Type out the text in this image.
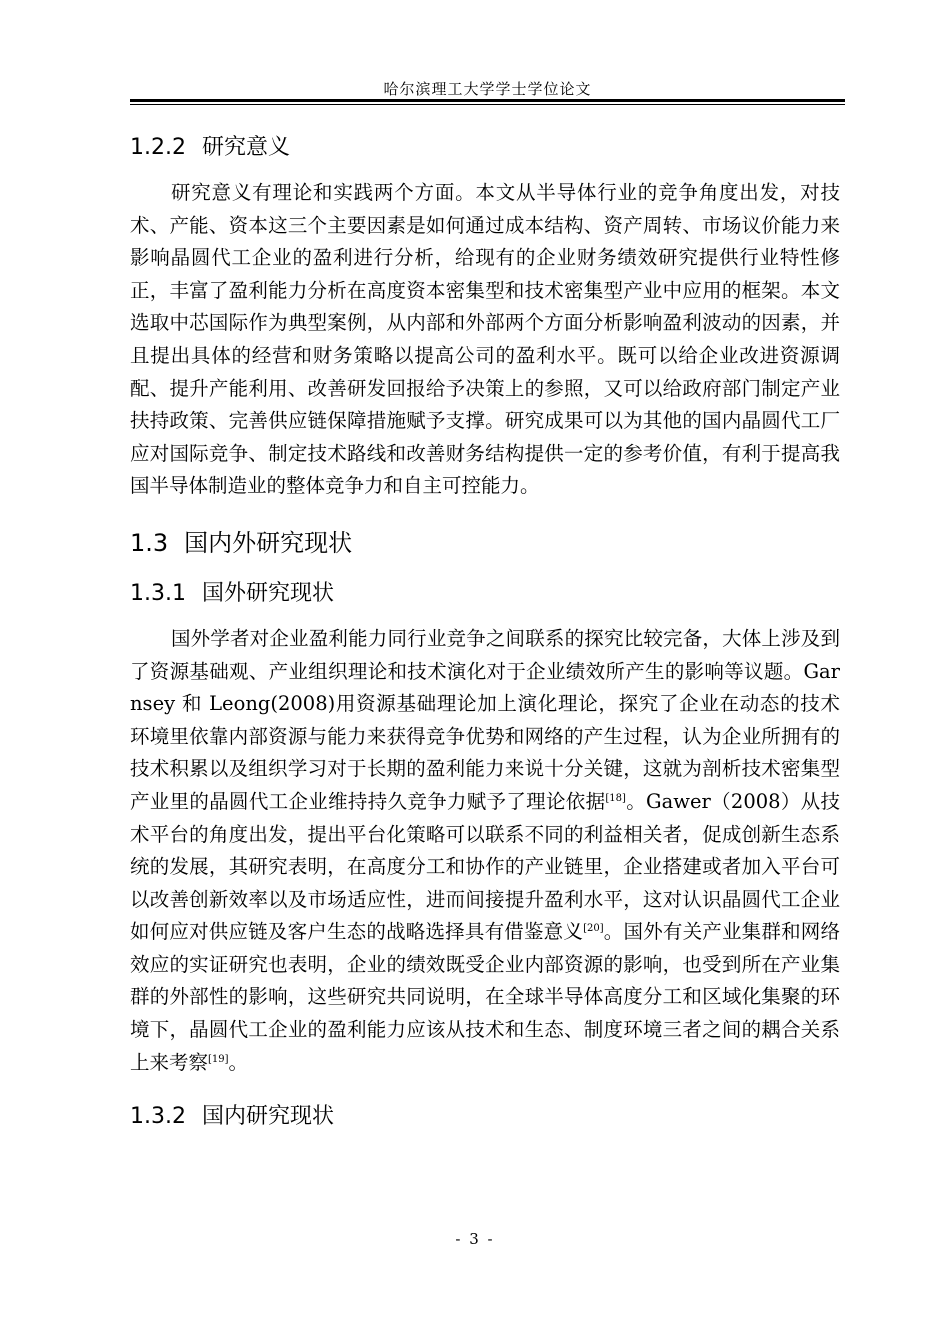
哈尔滨理工大学学士学位论文
1.2.2 研究意义

研究意义有理论和实践两个方面。本文从半导体行业的竞争角度出发，对技术、产能、资本这三个主要因素是如何通过成本结构、资产周转、市场议价能力来影响晶圆代工企业的盈利进行分析，给现有的企业财务绩效研究提供行业特性修正，丰富了盈利能力分析在高度资本密集型和技术密集型产业中应用的框架。本文选取中芯国际作为典型案例，从内部和外部两个方面分析影响盈利波动的因素，并且提出具体的经营和财务策略以提高公司的盈利水平。既可以给企业改进资源调配、提升产能利用、改善研发回报给予决策上的参照，又可以给政府部门制定产业扶持政策、完善供应链保障措施赋予支撑。研究成果可以为其他的国内晶圆代工厂应对国际竞争、制定技术路线和改善财务结构提供一定的参考价值，有利于提高我国半导体制造业的整体竞争力和自主可控能力。

1.3 国内外研究现状
1.3.1 国外研究现状

国外学者对企业盈利能力同行业竞争之间联系的探究比较完备，大体上涉及到了资源基础观、产业组织理论和技术演化对于企业绩效所产生的影响等议题。Garnsey 和 Leong(2008)用资源基础理论加上演化理论，探究了企业在动态的技术环境里依靠内部资源与能力来获得竞争优势和网络的产生过程，认为企业所拥有的技术积累以及组织学习对于长期的盈利能力来说十分关键，这就为剖析技术密集型产业里的晶圆代工企业维持持久竞争力赋予了理论依据[18]。Gawer（2008）从技术平台的角度出发，提出平台化策略可以联系不同的利益相关者，促成创新生态系统的发展，其研究表明，在高度分工和协作的产业链里，企业搭建或者加入平台可以改善创新效率以及市场适应性，进而间接提升盈利水平，这对认识晶圆代工企业如何应对供应链及客户生态的战略选择具有借鉴意义[20]。国外有关产业集群和网络效应的实证研究也表明，企业的绩效既受企业内部资源的影响，也受到所在产业集群的外部性的影响，这些研究共同说明，在全球半导体高度分工和区域化集聚的环境下，晶圆代工企业的盈利能力应该从技术和生态、制度环境三者之间的耦合关系上来考察[19]。

1.3.2 国内研究现状
- 3 -
